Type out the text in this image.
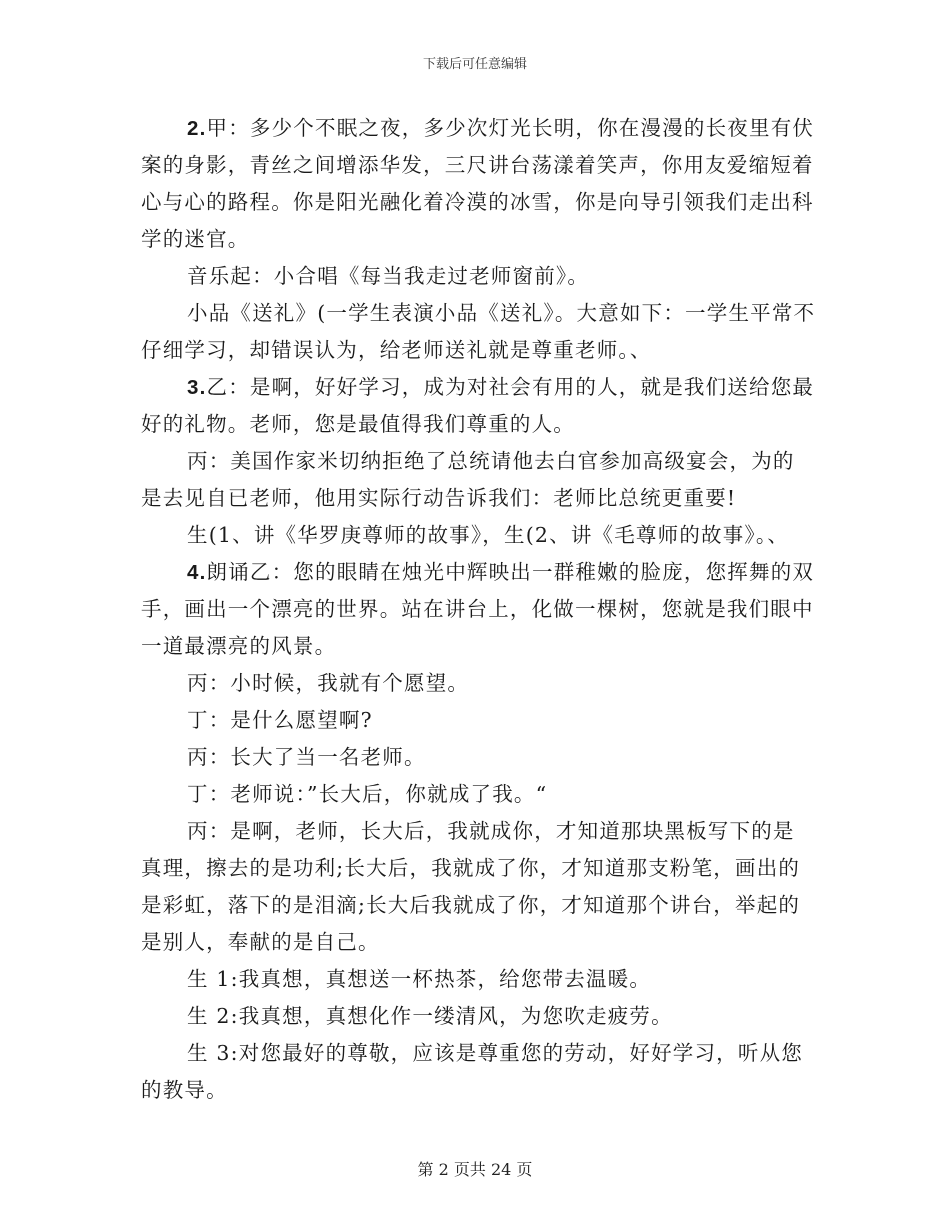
下载后可任意编辑

2.甲：多少个不眠之夜，多少次灯光长明，你在漫漫的长夜里有伏案的身影，青丝之间增添华发，三尺讲台荡漾着笑声，你用友爱缩短着心与心的路程。你是阳光融化着冷漠的冰雪，你是向导引领我们走出科学的迷官。

音乐起：小合唱《每当我走过老师窗前》。

小品《送礼》(一学生表演小品《送礼》。大意如下：一学生平常不仔细学习，却错误认为，给老师送礼就是尊重老师。、

3.乙：是啊，好好学习，成为对社会有用的人，就是我们送给您最好的礼物。老师，您是最值得我们尊重的人。

丙：美国作家米切纳拒绝了总统请他去白官参加高级宴会，为的是去见自已老师，他用实际行动告诉我们：老师比总统更重要!

生(1、讲《华罗庚尊师的故事》，生(2、讲《毛尊师的故事》。、

4.朗诵乙：您的眼睛在烛光中辉映出一群稚嫩的脸庞，您挥舞的双手，画出一个漂亮的世界。站在讲台上，化做一棵树，您就是我们眼中一道最漂亮的风景。

丙：小时候，我就有个愿望。

丁：是什么愿望啊?

丙：长大了当一名老师。

丁：老师说：”长大后，你就成了我。“

丙：是啊，老师，长大后，我就成你，才知道那块黑板写下的是真理，擦去的是功利;长大后，我就成了你，才知道那支粉笔，画出的是彩虹，落下的是泪滴;长大后我就成了你，才知道那个讲台，举起的是别人，奉献的是自己。

生 1:我真想，真想送一杯热茶，给您带去温暖。

生 2:我真想，真想化作一缕清风，为您吹走疲劳。

生 3:对您最好的尊敬，应该是尊重您的劳动，好好学习，听从您的教导。

第 2 页共 24 页
